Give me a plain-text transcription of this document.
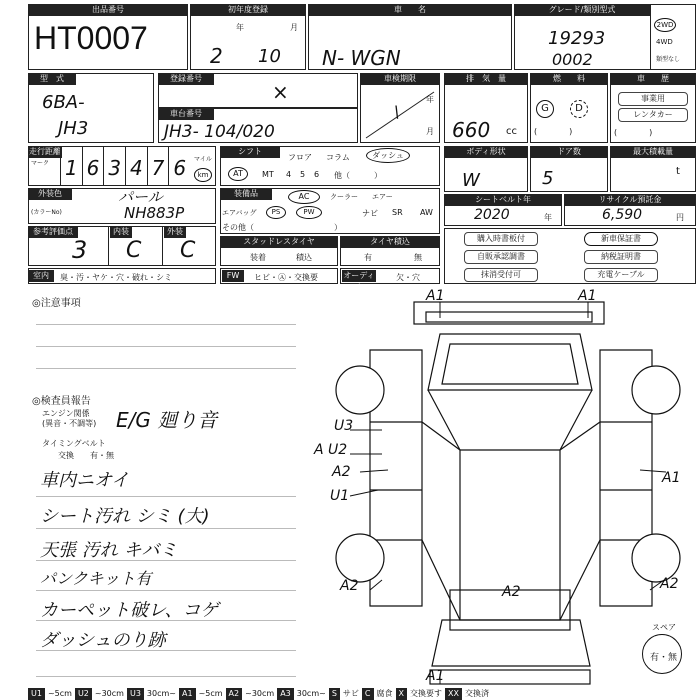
出品番号
HT0007
初年度登録
年	月
2 10
車　　名
N- WGN
グレード/類別型式
19293
0002
2WD
4WD
類型なし
型　式
6BA-
JH3
登録番号
×
車台番号
JH3- 104/020
車検期限
年
月
\
排　気　量
660 cc
燃　　料
G	D
(　　　　)
車　　歴
事業用
レンタカー
(　　　　)
走行距離
マーク 1 6 3 4 7 6	マイル
km
シフト
フロア コラム	ダッシュ
AT	MT 4 5 6 他（　　　）
ボディ形状
W
ドア数
5
最大積載量
t
外装色
(カラーNo)
パール
NH883P
装備品	AC	クーラー エアー
エアバッグ	PS	PW	ナビ SR AW
その他（　　　　　　　　　　）
シートベルト年
2020	年
リサイクル預託金
6,590	円
参考評価点	内装	外装
3 C C	スタッドレスタイヤ
装着	積込
タイヤ積込
有	無
購入時書板付
自販承認調書
抹消受付可
新車保証書
納税証明書
充電ケーブル
室内	臭・汚・ヤケ・穴・破れ・シミ	FW	ヒビ・Ⓐ・交換要	オーディオ
欠・穴
◎注意事項
◎検査員報告
エンジン関係
(異音・不調等) E/G 廻り音
タイミングベルト
交換　　有・無
車内ニオイ
シート汚れ シミ (大)
天張 汚れ キバミ
パンクキット有
カーペット破レ、コゲ
ダッシュのり跡
A1	A1
U3
A U2
A2
U1
A1
A2	A2
A2
A1
スペア
有・無
U1 ~5cm U2 ~30cm U3 30cm~ A1 ~5cm A2 ~30cm A3 30cm~ S サビ C 腐食 X 交換要す XX 交換済
